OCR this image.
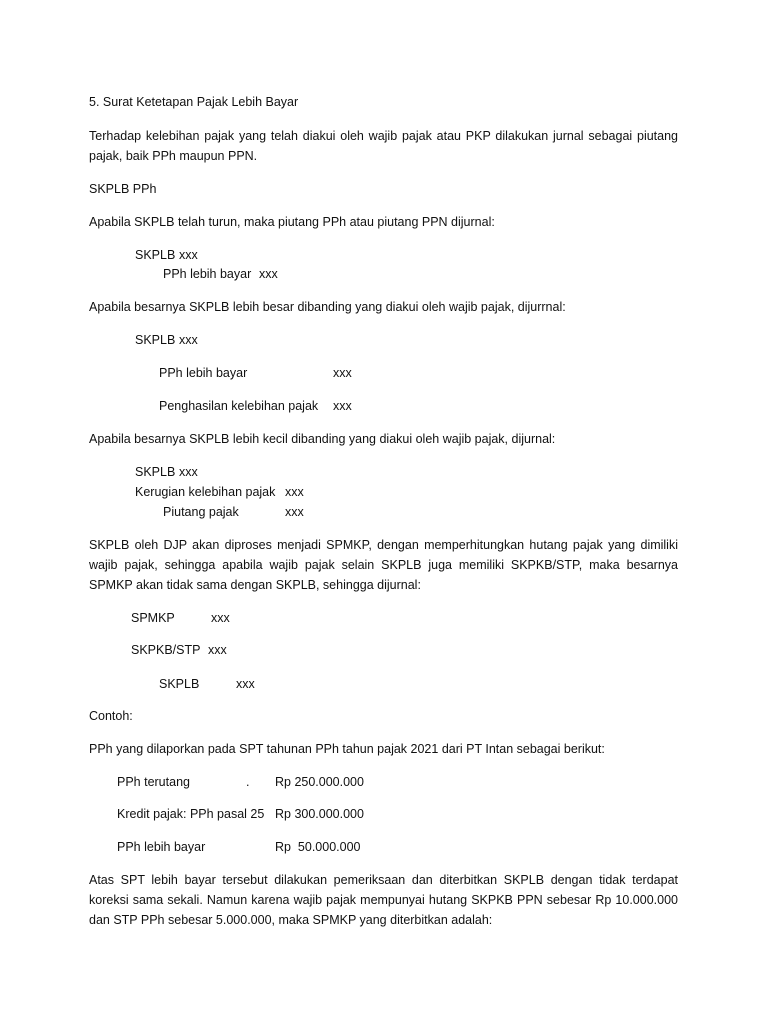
5. Surat Ketetapan Pajak Lebih Bayar
Terhadap kelebihan pajak yang telah diakui oleh wajib pajak atau PKP dilakukan jurnal sebagai piutang pajak, baik PPh maupun PPN.
SKPLB PPh
Apabila SKPLB telah turun, maka piutang PPh atau piutang PPN dijurnal:
SKPLB xxx
PPh lebih bayar xxx
Apabila besarnya SKPLB lebih besar dibanding yang diakui oleh wajib pajak, dijurrnal:
SKPLB xxx
PPh lebih bayar	xxx
Penghasilan kelebihan pajak xxx
Apabila besarnya SKPLB lebih kecil dibanding yang diakui oleh wajib pajak, dijurnal:
SKPLB xxx
Kerugian kelebihan pajak xxx
Piutang pajak	xxx
SKPLB oleh DJP akan diproses menjadi SPMKP, dengan memperhitungkan hutang pajak yang dimiliki wajib pajak, sehingga apabila wajib pajak selain SKPLB juga memiliki SKPKB/STP, maka besarnya SPMKP akan tidak sama dengan SKPLB, sehingga dijurnal:
SPMKP	xxx
SKPKB/STP xxx
SKPLB	xxx
Contoh:
PPh yang dilaporkan pada SPT tahunan PPh tahun pajak 2021 dari PT Intan sebagai berikut:
PPh terutang	. Rp 250.000.000
Kredit pajak: PPh pasal 25 Rp 300.000.000
PPh lebih bayar	Rp  50.000.000
Atas SPT lebih bayar tersebut dilakukan pemeriksaan dan diterbitkan SKPLB dengan tidak terdapat koreksi sama sekali. Namun karena wajib pajak mempunyai hutang SKPKB PPN sebesar Rp 10.000.000 dan STP PPh sebesar 5.000.000, maka SPMKP yang diterbitkan adalah:
